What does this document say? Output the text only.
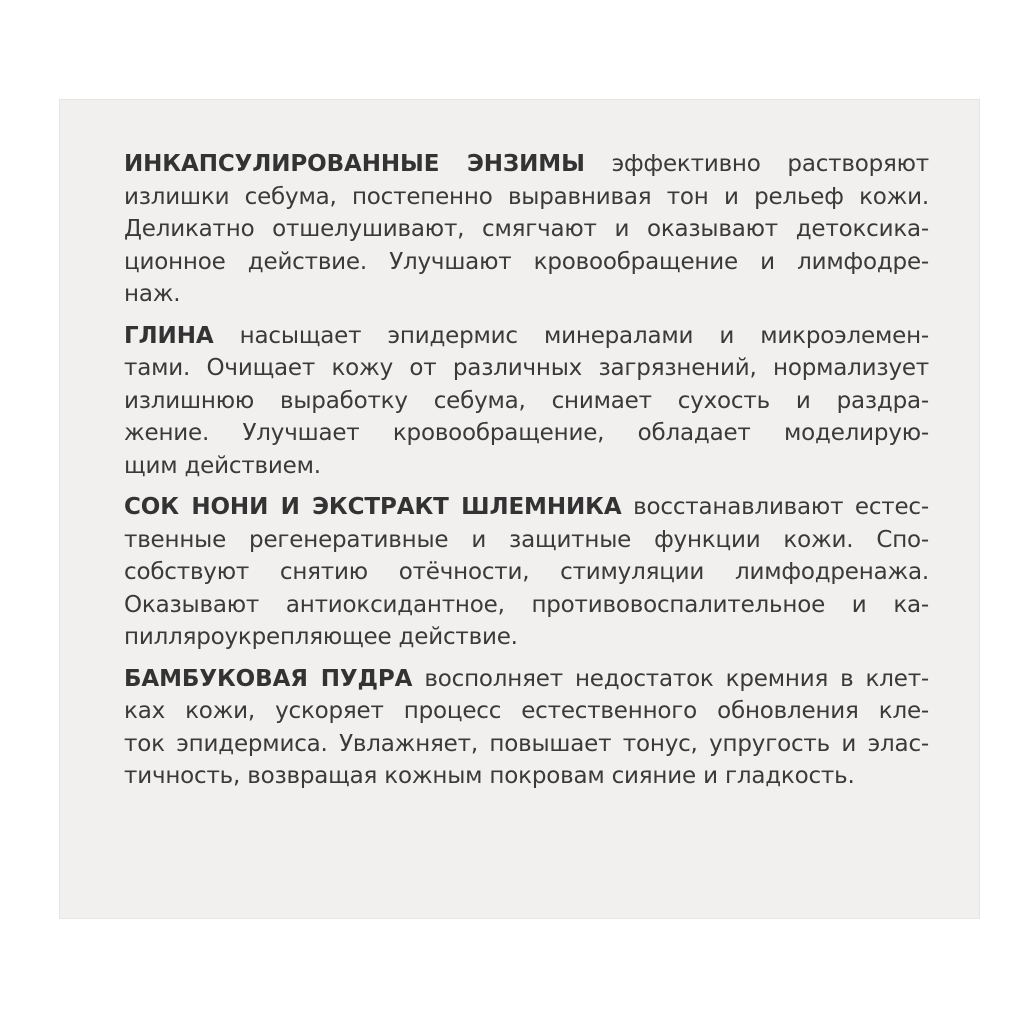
ИНКАПСУЛИРОВАННЫЕ ЭНЗИМЫ эффективно растворяют
излишки себума, постепенно выравнивая тон и рельеф кожи.
Деликатно отшелушивают, смягчают и оказывают детоксика-
ционное действие. Улучшают кровообращение и лимфодре-
наж.
ГЛИНА насыщает эпидермис минералами и микроэлемен-
тами. Очищает кожу от различных загрязнений, нормализует
излишнюю выработку себума, снимает сухость и раздра-
жение. Улучшает кровообращение, обладает моделирую-
щим действием.
СОК НОНИ И ЭКСТРАКТ ШЛЕМНИКА восстанавливают естес-
твенные регенеративные и защитные функции кожи. Спо-
собствуют снятию отёчности, стимуляции лимфодренажа.
Оказывают антиоксидантное, противовоспалительное и ка-
пилляроукрепляющее действие.
БАМБУКОВАЯ ПУДРА восполняет недостаток кремния в клет-
ках кожи, ускоряет процесс естественного обновления кле-
ток эпидермиса. Увлажняет, повышает тонус, упругость и элас-
тичность, возвращая кожным покровам сияние и гладкость.
